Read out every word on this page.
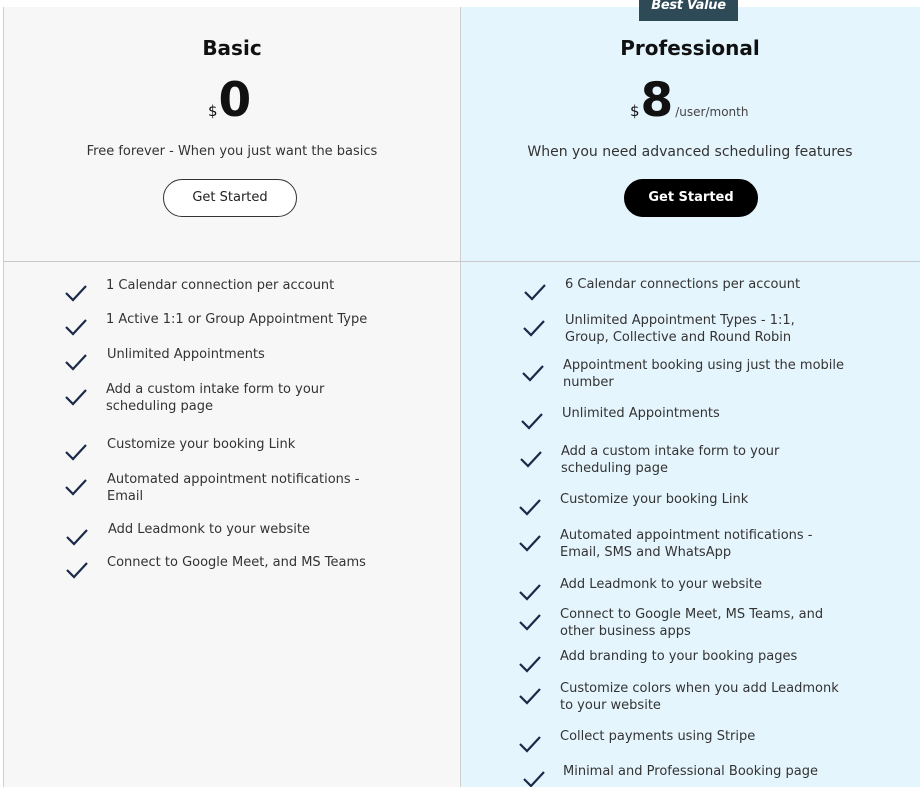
Best Value
Basic
$0

Free forever - When you just want the basics

Get Started
Professional
$8 /user/month

When you need advanced scheduling features

Get Started
1 Calendar connection per account
1 Active 1:1 or Group Appointment Type
Unlimited Appointments
Add a custom intake form to your scheduling page
Customize your booking Link
Automated appointment notifications - Email
Add Leadmonk to your website
Connect to Google Meet, and MS Teams
6 Calendar connections per account
Unlimited Appointment Types - 1:1, Group, Collective and Round Robin
Appointment booking using just the mobile number
Unlimited Appointments
Add a custom intake form to your scheduling page
Customize your booking Link
Automated appointment notifications - Email, SMS and WhatsApp
Add Leadmonk to your website
Connect to Google Meet, MS Teams, and other business apps
Add branding to your booking pages
Customize colors when you add Leadmonk to your website
Collect payments using Stripe
Minimal and Professional Booking page
